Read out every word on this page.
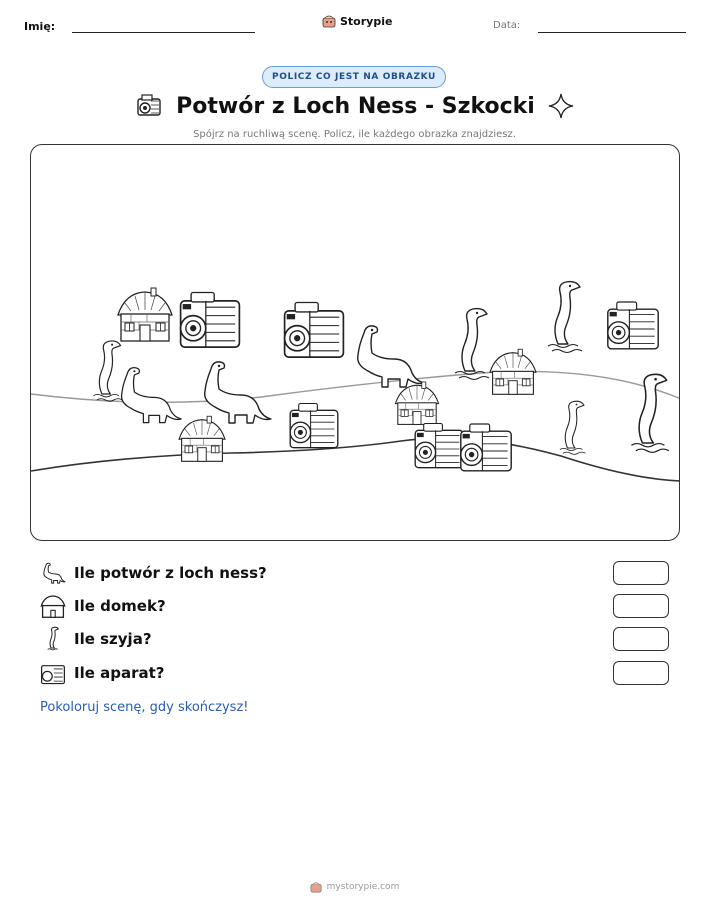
Imię:	Storypie	Data:
POLICZ CO JEST NA OBRAZKU
Potwór z Loch Ness - Szkocki
Spójrz na ruchliwą scenę. Policz, ile każdego obrazka znajdziesz.
Ile potwór z loch ness?
Ile domek?
Ile szyja?
Ile aparat?
Pokoloruj scenę, gdy skończysz!
mystorypie.com
